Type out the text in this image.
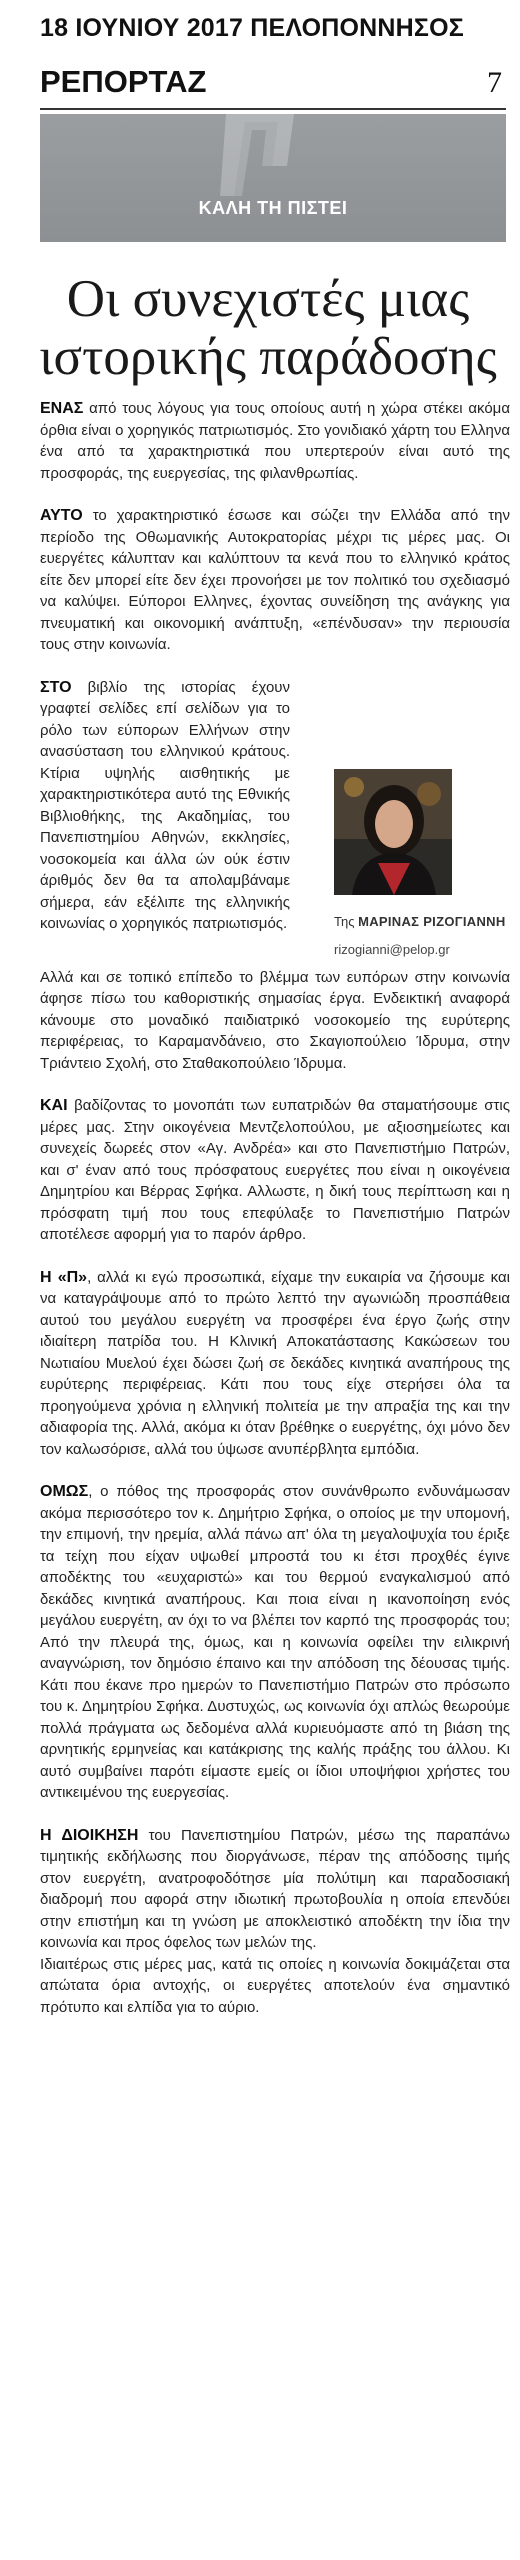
18 ΙΟΥΝΙΟΥ 2017 ΠΕΛΟΠΟΝΝΗΣΟΣ
ΡΕΠΟΡΤΑΖ	7
ΚΑΛΗ ΤΗ ΠΙΣΤΕΙ
Οι συνεχιστές μιας
ιστορικής παράδοσης

ΕΝΑΣ από τους λόγους για τους οποίους αυτή η χώρα στέκει ακόμα όρθια είναι ο χορηγικός πατριωτισμός. Στο γονιδιακό χάρτη του Ελληνα ένα από τα χαρακτηριστικά που υπερτερούν είναι αυτό της προσφοράς, της ευεργεσίας, της φιλανθρωπίας.

ΑΥΤΟ το χαρακτηριστικό έσωσε και σώζει την Ελλάδα από την περίοδο της Οθωμανικής Αυτοκρατορίας μέχρι τις μέρες μας. Οι ευεργέτες κάλυπταν και καλύπτουν τα κενά που το ελληνικό κράτος είτε δεν μπορεί είτε δεν έχει προνοήσει με τον πολιτικό του σχεδιασμό να καλύψει. Εύποροι Ελληνες, έχοντας συνείδηση της ανάγκης για πνευματική και οικονομική ανάπτυξη, «επένδυσαν» την περιουσία τους στην κοινωνία.

Της ΜΑΡΙΝΑΣ ΡΙΖΟΓΙΑΝΝΗ
rizogianni@pelop.gr

ΣΤΟ βιβλίο της ιστορίας έχουν γραφτεί σελίδες επί σελίδων για το ρόλο των εύπορων Ελλήνων στην ανασύσταση του ελληνικού κράτους. Κτίρια υψηλής αισθητικής με χαρακτηριστικότερα αυτό της Εθνικής Βιβλιοθήκης, της Ακαδημίας, του Πανεπιστημίου Αθηνών, εκκλησίες, νοσοκομεία και άλλα ών ούκ έστιν άριθμός δεν θα τα απολαμβάναμε σήμερα, εάν εξέλιπε της ελληνικής κοινωνίας ο χορηγικός πατριωτισμός.

Αλλά και σε τοπικό επίπεδο το βλέμμα των ευπόρων στην κοινωνία άφησε πίσω του καθοριστικής σημασίας έργα. Ενδεικτική αναφορά κάνουμε στο μοναδικό παιδιατρικό νοσοκομείο της ευρύτερης περιφέρειας, το Καραμανδάνειο, στο Σκαγιοπούλειο Ίδρυμα, στην Τριάντειο Σχολή, στο Σταθακοπούλειο Ίδρυμα.

ΚΑΙ βαδίζοντας το μονοπάτι των ευπατριδών θα σταματήσουμε στις μέρες μας. Στην οικογένεια Μεντζελοπούλου, με αξιοσημείωτες και συνεχείς δωρεές στον «Αγ. Ανδρέα» και στο Πανεπιστήμιο Πατρών, και σ' έναν από τους πρόσφατους ευεργέτες που είναι η οικογένεια Δημητρίου και Βέρρας Σφήκα. Αλλωστε, η δική τους περίπτωση και η πρόσφατη τιμή που τους επεφύλαξε το Πανεπιστήμιο Πατρών αποτέλεσε αφορμή για το παρόν άρθρο.

Η «Π», αλλά κι εγώ προσωπικά, είχαμε την ευκαιρία να ζήσουμε και να καταγράψουμε από το πρώτο λεπτό την αγωνιώδη προσπάθεια αυτού του μεγάλου ευεργέτη να προσφέρει ένα έργο ζωής στην ιδιαίτερη πατρίδα του. Η Κλινική Αποκατάστασης Κακώσεων του Νωτιαίου Μυελού έχει δώσει ζωή σε δεκάδες κινητικά αναπήρους της ευρύτερης περιφέρειας. Κάτι που τους είχε στερήσει όλα τα προηγούμενα χρόνια η ελληνική πολιτεία με την απραξία της και την αδιαφορία της. Αλλά, ακόμα κι όταν βρέθηκε ο ευεργέτης, όχι μόνο δεν τον καλωσόρισε, αλλά του ύψωσε ανυπέρβλητα εμπόδια.

ΟΜΩΣ, ο πόθος της προσφοράς στον συνάνθρωπο ενδυνάμωσαν ακόμα περισσότερο τον κ. Δημήτριο Σφήκα, ο οποίος με την υπομονή, την επιμονή, την ηρεμία, αλλά πάνω απ' όλα τη μεγαλοψυχία του έριξε τα τείχη που είχαν υψωθεί μπροστά του κι έτσι προχθές έγινε αποδέκτης του «ευχαριστώ» και του θερμού εναγκαλισμού από δεκάδες κινητικά αναπήρους. Και ποια είναι η ικανοποίηση ενός μεγάλου ευεργέτη, αν όχι το να βλέπει τον καρπό της προσφοράς του; Από την πλευρά της, όμως, και η κοινωνία οφείλει την ειλικρινή αναγνώριση, τον δημόσιο έπαινο και την απόδοση της δέουσας τιμής. Κάτι που έκανε προ ημερών το Πανεπιστήμιο Πατρών στο πρόσωπο του κ. Δημητρίου Σφήκα. Δυστυχώς, ως κοινωνία όχι απλώς θεωρούμε πολλά πράγματα ως δεδομένα αλλά κυριευόμαστε από τη βιάση της αρνητικής ερμηνείας και κατάκρισης της καλής πράξης του άλλου. Κι αυτό συμβαίνει παρότι είμαστε εμείς οι ίδιοι υποψήφιοι χρήστες του αντικειμένου της ευεργεσίας.

Η ΔΙΟΙΚΗΣΗ του Πανεπιστημίου Πατρών, μέσω της παραπάνω τιμητικής εκδήλωσης που διοργάνωσε, πέραν της απόδοσης τιμής στον ευεργέτη, ανατροφοδότησε μία πολύτιμη και παραδοσιακή διαδρομή που αφορά στην ιδιωτική πρωτοβουλία η οποία επενδύει στην επιστήμη και τη γνώση με αποκλειστικό αποδέκτη την ίδια την κοινωνία και προς όφελος των μελών της.

Ιδιαιτέρως στις μέρες μας, κατά τις οποίες η κοινωνία δοκιμάζεται στα απώτατα όρια αντοχής, οι ευεργέτες αποτελούν ένα σημαντικό πρότυπο και ελπίδα για το αύριο.
